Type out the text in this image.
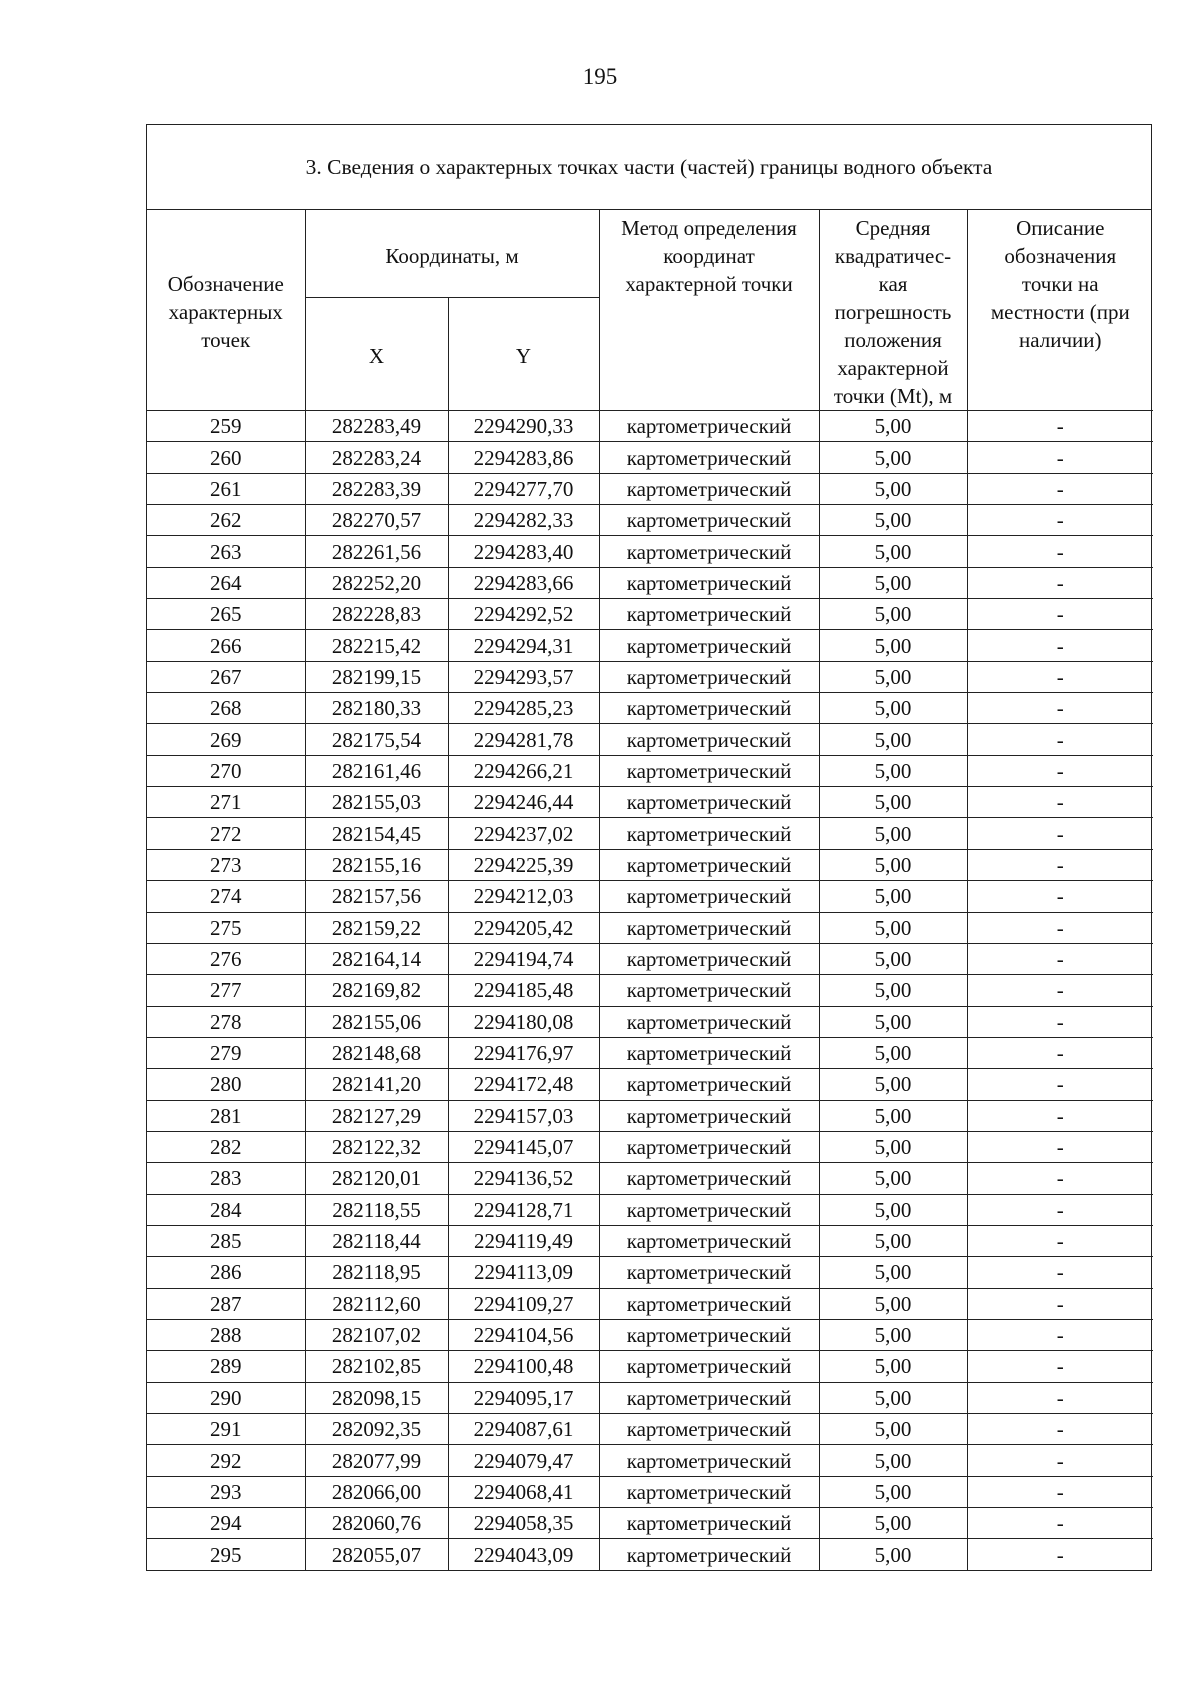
195
3. Сведения о характерных точках части (частей) границы водного объекта
Обозначение характерных точек	Координаты, м		Метод определения координат характерной точки	Средняя квадратичес-кая погрешность положения характерной точки (Mt), м	Описание обозначения точки на местности (при наличии)

	X	Y			
259	282283,49	2294290,33	картометрический	5,00	-
260	282283,24	2294283,86	картометрический	5,00	-
261	282283,39	2294277,70	картометрический	5,00	-
262	282270,57	2294282,33	картометрический	5,00	-
263	282261,56	2294283,40	картометрический	5,00	-
264	282252,20	2294283,66	картометрический	5,00	-
265	282228,83	2294292,52	картометрический	5,00	-
266	282215,42	2294294,31	картометрический	5,00	-
267	282199,15	2294293,57	картометрический	5,00	-
268	282180,33	2294285,23	картометрический	5,00	-
269	282175,54	2294281,78	картометрический	5,00	-
270	282161,46	2294266,21	картометрический	5,00	-
271	282155,03	2294246,44	картометрический	5,00	-
272	282154,45	2294237,02	картометрический	5,00	-
273	282155,16	2294225,39	картометрический	5,00	-
274	282157,56	2294212,03	картометрический	5,00	-
275	282159,22	2294205,42	картометрический	5,00	-
276	282164,14	2294194,74	картометрический	5,00	-
277	282169,82	2294185,48	картометрический	5,00	-
278	282155,06	2294180,08	картометрический	5,00	-
279	282148,68	2294176,97	картометрический	5,00	-
280	282141,20	2294172,48	картометрический	5,00	-
281	282127,29	2294157,03	картометрический	5,00	-
282	282122,32	2294145,07	картометрический	5,00	-
283	282120,01	2294136,52	картометрический	5,00	-
284	282118,55	2294128,71	картометрический	5,00	-
285	282118,44	2294119,49	картометрический	5,00	-
286	282118,95	2294113,09	картометрический	5,00	-
287	282112,60	2294109,27	картометрический	5,00	-
288	282107,02	2294104,56	картометрический	5,00	-
289	282102,85	2294100,48	картометрический	5,00	-
290	282098,15	2294095,17	картометрический	5,00	-
291	282092,35	2294087,61	картометрический	5,00	-
292	282077,99	2294079,47	картометрический	5,00	-
293	282066,00	2294068,41	картометрический	5,00	-
294	282060,76	2294058,35	картометрический	5,00	-
295	282055,07	2294043,09	картометрический	5,00	-
